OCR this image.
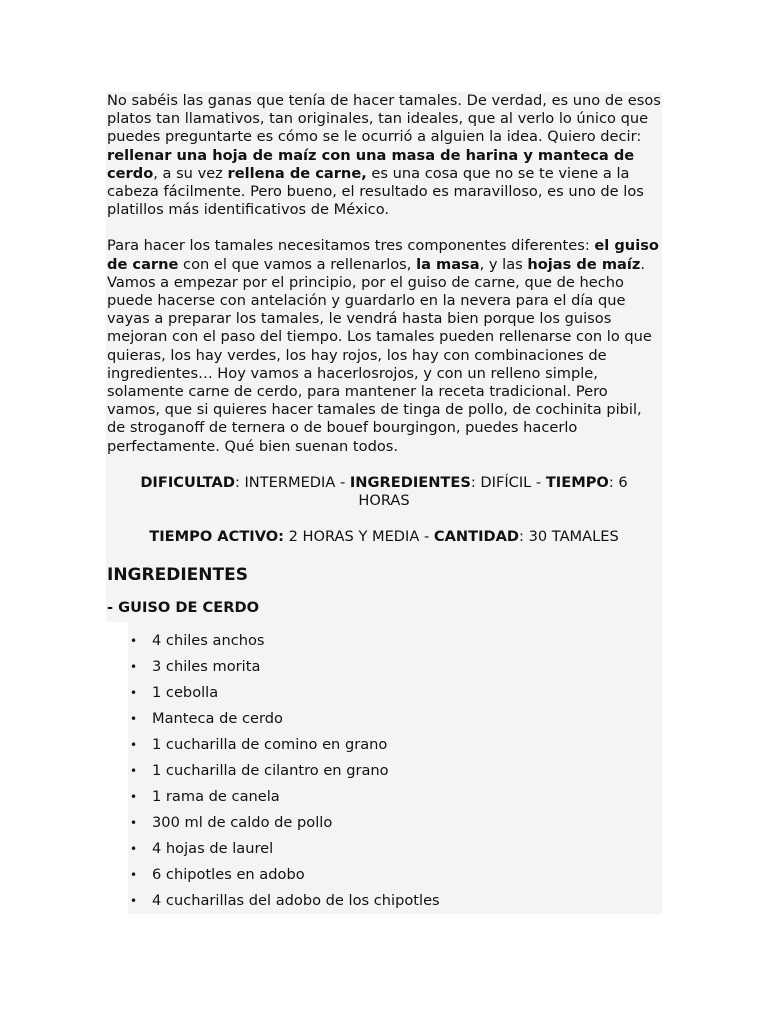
No sabéis las ganas que tenía de hacer tamales. De verdad, es uno de esos platos tan llamativos, tan originales, tan ideales, que al verlo lo único que puedes preguntarte es cómo se le ocurrió a alguien la idea. Quiero decir: rellenar una hoja de maíz con una masa de harina y manteca de cerdo, a su vez rellena de carne, es una cosa que no se te viene a la cabeza fácilmente. Pero bueno, el resultado es maravilloso, es uno de los platillos más identificativos de México.

Para hacer los tamales necesitamos tres componentes diferentes: el guiso de carne con el que vamos a rellenarlos, la masa, y las hojas de maíz. Vamos a empezar por el principio, por el guiso de carne, que de hecho puede hacerse con antelación y guardarlo en la nevera para el día que vayas a preparar los tamales, le vendrá hasta bien porque los guisos mejoran con el paso del tiempo. Los tamales pueden rellenarse con lo que quieras, los hay verdes, los hay rojos, los hay con combinaciones de ingredientes… Hoy vamos a hacerlosrojos, y con un relleno simple, solamente carne de cerdo, para mantener la receta tradicional. Pero vamos, que si quieres hacer tamales de tinga de pollo, de cochinita pibil, de stroganoff de ternera o de bouef bourgingon, puedes hacerlo perfectamente. Qué bien suenan todos.

DIFICULTAD: INTERMEDIA - INGREDIENTES: DIFÍCIL - TIEMPO: 6 HORAS

TIEMPO ACTIVO: 2 HORAS Y MEDIA - CANTIDAD: 30 TAMALES

INGREDIENTES
- GUISO DE CERDO
• 4 chiles anchos
• 3 chiles morita
• 1 cebolla
• Manteca de cerdo
• 1 cucharilla de comino en grano
• 1 cucharilla de cilantro en grano
• 1 rama de canela
• 300 ml de caldo de pollo
• 4 hojas de laurel
• 6 chipotles en adobo
• 4 cucharillas del adobo de los chipotles
